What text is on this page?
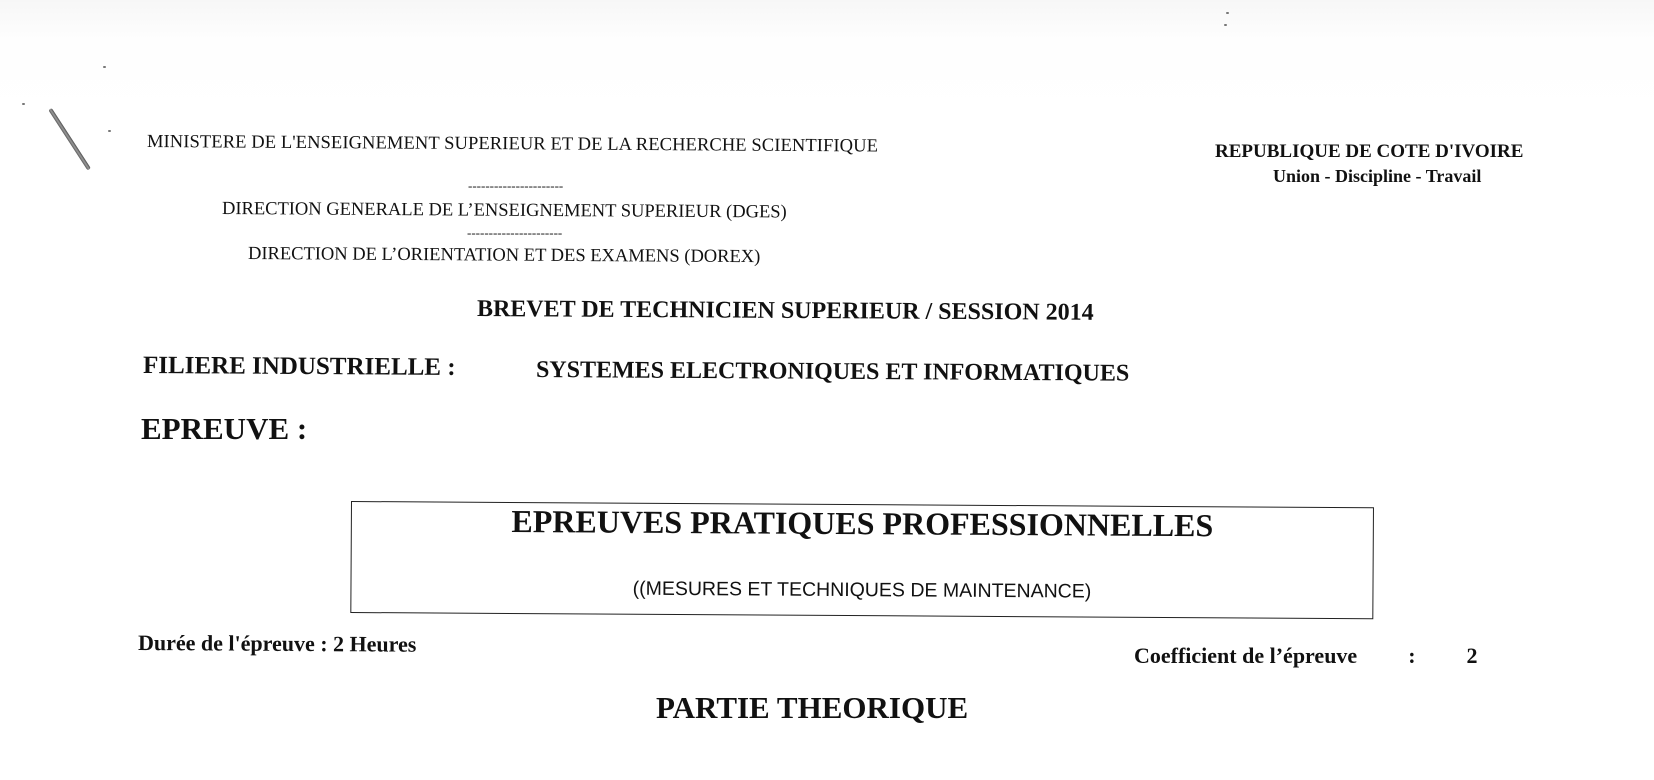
MINISTERE DE L'ENSEIGNEMENT SUPERIEUR ET DE LA RECHERCHE SCIENTIFIQUE
----------------------
DIRECTION GENERALE DE L’ENSEIGNEMENT SUPERIEUR (DGES)
----------------------
DIRECTION DE L’ORIENTATION ET DES EXAMENS (DOREX)
REPUBLIQUE DE COTE D'IVOIRE
Union - Discipline - Travail
BREVET DE TECHNICIEN SUPERIEUR / SESSION 2014
FILIERE INDUSTRIELLE :	SYSTEMES ELECTRONIQUES ET INFORMATIQUES
EPREUVE :
EPREUVES PRATIQUES PROFESSIONNELLES
((MESURES ET TECHNIQUES DE MAINTENANCE)
Durée de l'épreuve : 2 Heures	Coefficient de l’épreuve : 2
PARTIE THEORIQUE
